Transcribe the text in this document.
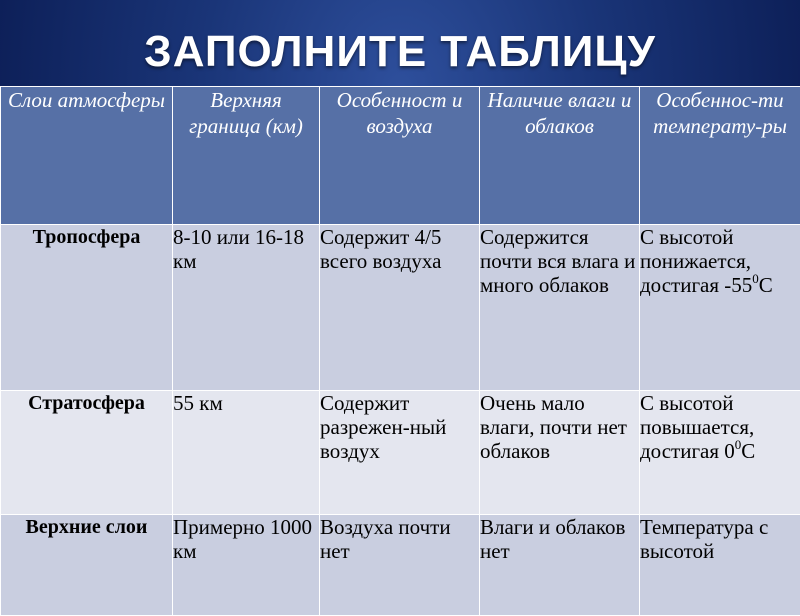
ЗАПОЛНИТЕ ТАБЛИЦУ
Слои атмосферы	Верхняя граница (км)	Особенност и воздуха	Наличие влаги и облаков	Особеннос-ти температу-ры
Тропосфера	8-10 или 16-18 км	Содержит 4/5 всего воздуха	Содержится почти вся влага и много облаков	С высотой понижается, достигая $-55^0С$
Стратосфера	55 км	Содержит разрежен-ный воздух	Очень мало влаги, почти нет облаков	С высотой повышается, достигая $0^0С$
Верхние слои	Примерно 1000 км	Воздуха почти нет	Влаги и облаков нет	Температура с высотой
